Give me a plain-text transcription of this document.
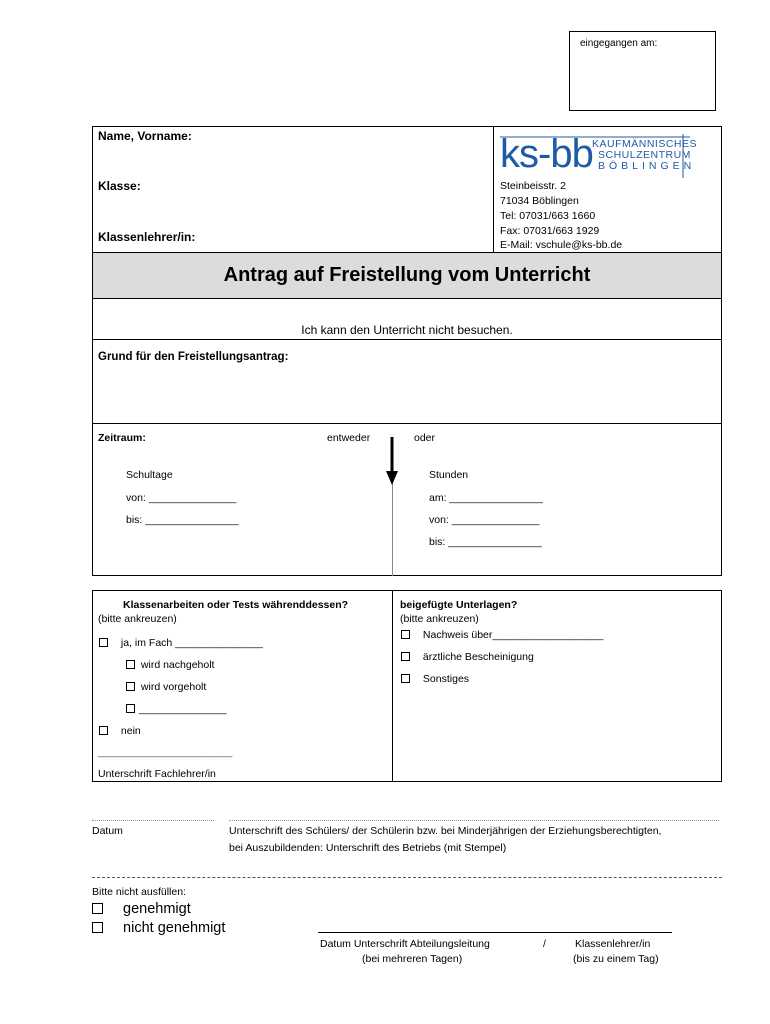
eingegangen am:
Name, Vorname:
Klasse:
Klassenlehrer/in:
ks-bb KAUFMÄNNISCHES
SCHULZENTRUM
BÖBLINGEN
Steinbeisstr. 2
71034 Böblingen
Tel: 07031/663 1660
Fax: 07031/663 1929
E-Mail: vschule@ks-bb.de
Antrag auf Freistellung vom Unterricht
Ich kann den Unterricht nicht besuchen.
Grund für den Freistellungsantrag:
Zeitraum:	entweder	oder
Schultage
von: _______________
bis: ________________
Stunden
am: ________________
von: _______________
bis: ________________
Klassenarbeiten oder Tests währenddessen?
(bitte ankreuzen)
ja, im Fach _______________
wird nachgeholt
wird vorgeholt
_______________
nein
_______________________
Unterschrift Fachlehrer/in
beigefügte Unterlagen?
(bitte ankreuzen)
Nachweis über___________________
ärztliche Bescheinigung
Sonstiges
Datum	Unterschrift des Schülers/ der Schülerin bzw. bei Minderjährigen der Erziehungsberechtigten,
bei Auszubildenden: Unterschrift des Betriebs (mit Stempel)
Bitte nicht ausfüllen:
genehmigt
nicht genehmigt
Datum Unterschrift Abteilungsleitung	/	Klassenlehrer/in
(bei mehreren Tagen)	(bis zu einem Tag)
